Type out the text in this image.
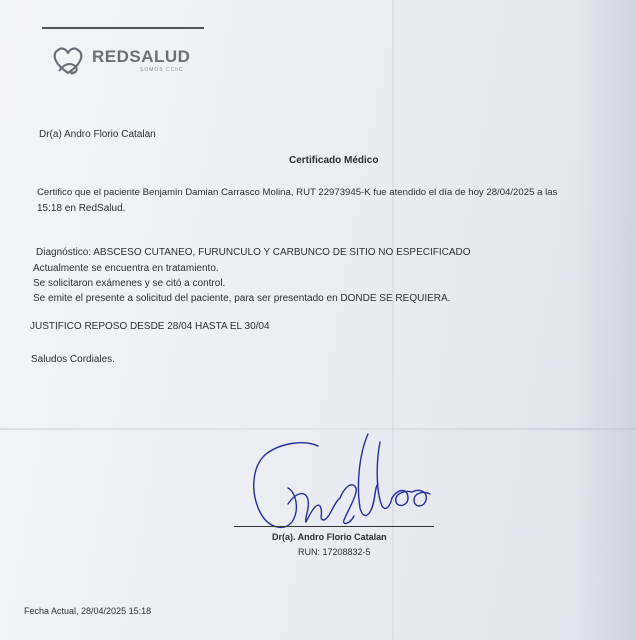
REDSALUD
SOMOS CChC
Dr(a) Andro Florio Catalan
Certificado Médico
Certifico que el paciente Benjamin Damian Carrasco Molina, RUT 22973945-K fue atendido el día de hoy 28/04/2025 a las
15:18 en RedSalud.
Diagnóstico: ABSCESO CUTANEO, FURUNCULO Y CARBUNCO DE SITIO NO ESPECIFICADO
Actualmente se encuentra en tratamiento.
Se solicitaron exámenes y se citó a control.
Se emite el presente a solicitud del paciente, para ser presentado en DONDE SE REQUIERA.
JUSTIFICO REPOSO DESDE 28/04 HASTA EL 30/04
Saludos Cordiales.
Dr(a). Andro Florio Catalan
RUN: 17208832-5
Fecha Actual, 28/04/2025 15:18
